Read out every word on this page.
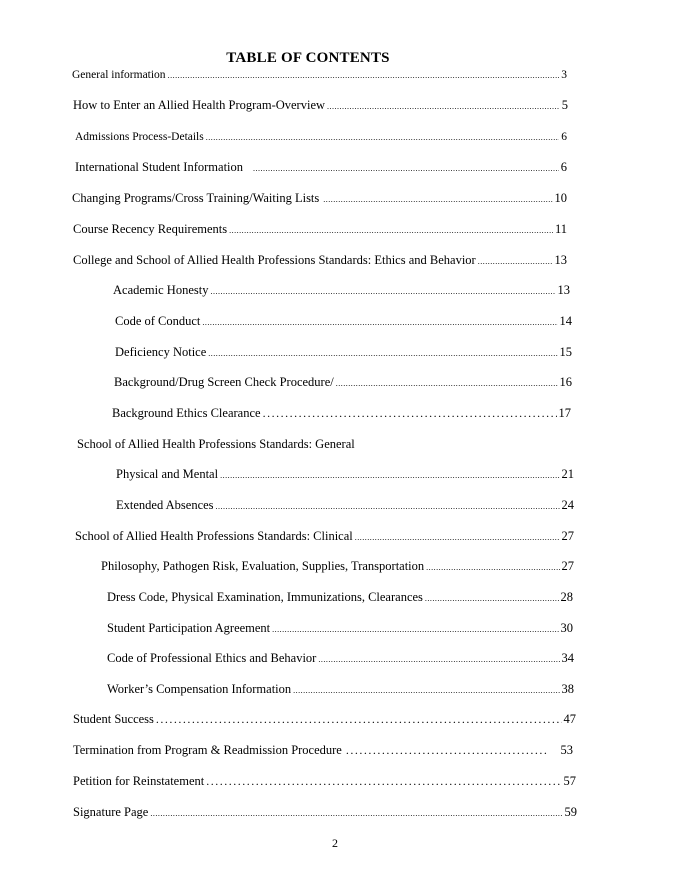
TABLE OF CONTENTS
General information .....	3
How to Enter an Allied Health Program-Overview .....	5
Admissions Process-Details .....	6
International Student Information .....	6
Changing Programs/Cross Training/Waiting Lists .....	10
Course Recency Requirements .....	11
College and School of Allied Health Professions Standards: Ethics and Behavior .....	13
Academic Honesty .....	13
Code of Conduct .....	14
Deficiency Notice .....	15
Background/Drug Screen Check Procedure/ .....	16
Background Ethics Clearance .....	17
School of Allied Health Professions Standards: General
Physical and Mental .....	21
Extended Absences .....	24
School of Allied Health Professions Standards: Clinical .....	27
Philosophy, Pathogen Risk, Evaluation, Supplies, Transportation .....	27
Dress Code, Physical Examination, Immunizations, Clearances .....	28
Student Participation Agreement .....	30
Code of Professional Ethics and Behavior .....	34
Worker’s Compensation Information .....	38
Student Success .....	47
Termination from Program & Readmission Procedure .....	53
Petition for Reinstatement .....	57
Signature Page .....	59
2
